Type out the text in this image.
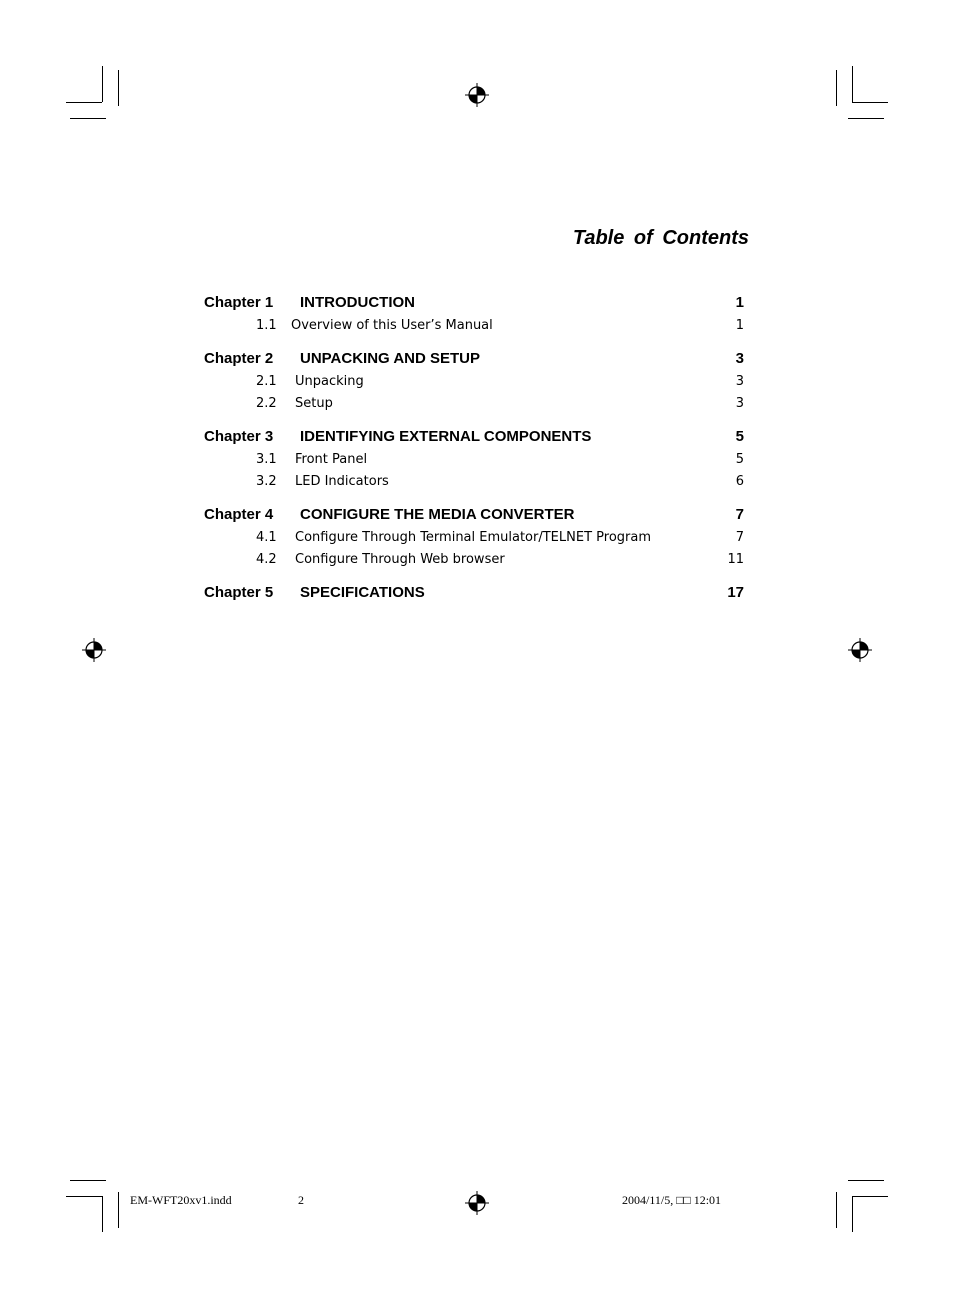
Table of Contents
Chapter 1 INTRODUCTION	1
1.1 Overview of this User’s Manual	1
Chapter 2 UNPACKING AND SETUP	3
2.1 Unpacking	3
2.2 Setup	3
Chapter 3 IDENTIFYING EXTERNAL COMPONENTS	5
3.1 Front Panel	5
3.2 LED Indicators	6
Chapter 4 CONFIGURE THE MEDIA CONVERTER	7
4.1 Configure Through Terminal Emulator/TELNET Program	7
4.2 Configure Through Web browser	11
Chapter 5 SPECIFICATIONS	17
EM-WFT20xv1.indd	2	2004/11/5, □□ 12:01
